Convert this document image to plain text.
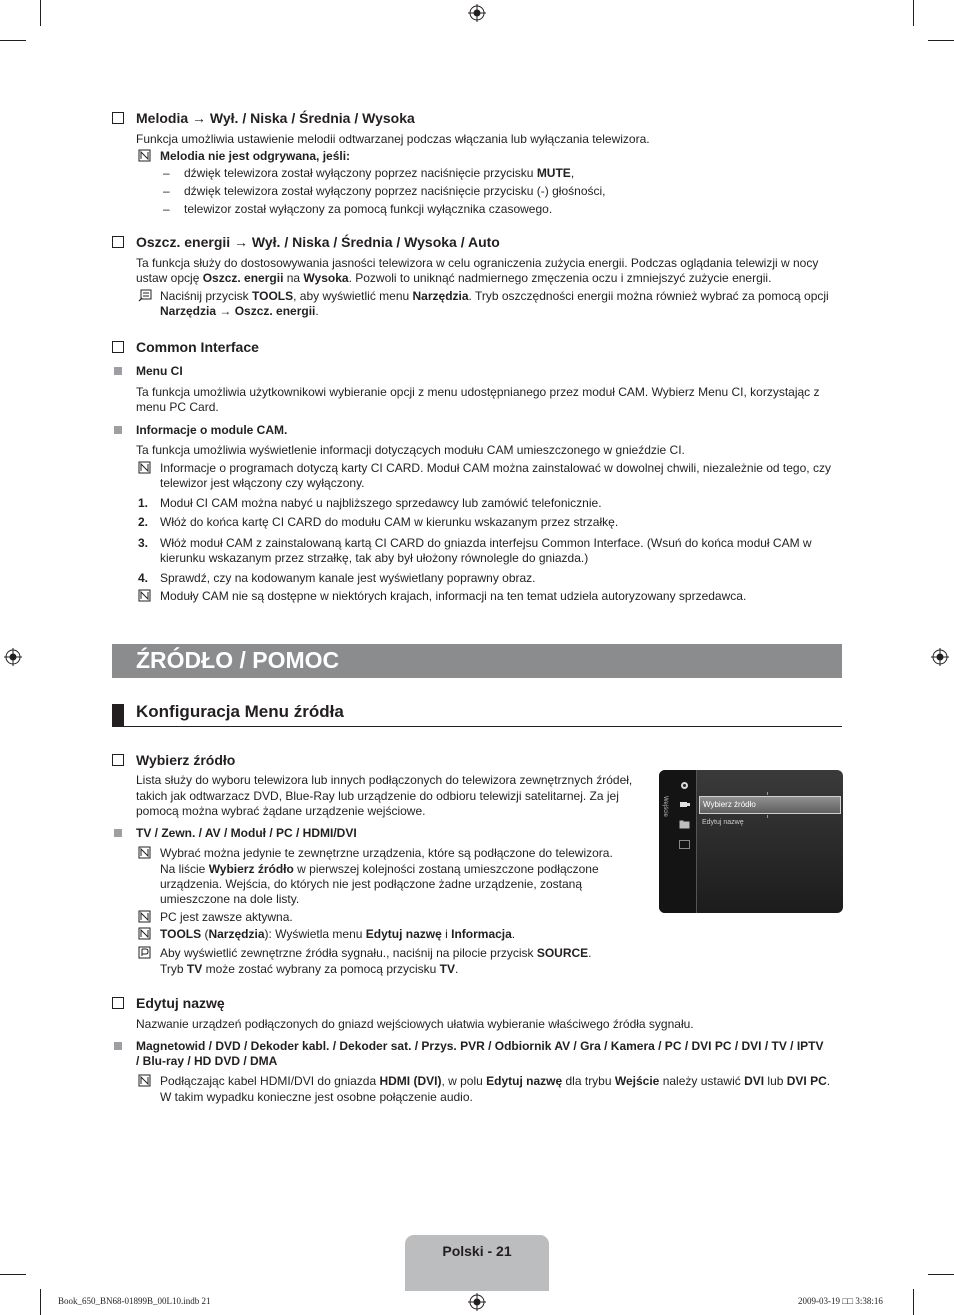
Melodia → Wył. / Niska / Średnia / Wysoka
Funkcja umożliwia ustawienie melodii odtwarzanej podczas włączania lub wyłączania telewizora.
Melodia nie jest odgrywana, jeśli:
– dźwięk telewizora został wyłączony poprzez naciśnięcie przycisku MUTE,
– dźwięk telewizora został wyłączony poprzez naciśnięcie przycisku (-) głośności,
– telewizor został wyłączony za pomocą funkcji wyłącznika czasowego.
Oszcz. energii → Wył. / Niska / Średnia / Wysoka / Auto
Ta funkcja służy do dostosowywania jasności telewizora w celu ograniczenia zużycia energii. Podczas oglądania telewizji w nocy
ustaw opcję Oszcz. energii na Wysoka. Pozwoli to uniknąć nadmiernego zmęczenia oczu i zmniejszyć zużycie energii.
Naciśnij przycisk TOOLS, aby wyświetlić menu Narzędzia. Tryb oszczędności energii można również wybrać za pomocą opcji
Narzędzia → Oszcz. energii.
Common Interface
Menu CI
Ta funkcja umożliwia użytkownikowi wybieranie opcji z menu udostępnianego przez moduł CAM. Wybierz Menu CI, korzystając z
menu PC Card.
Informacje o module CAM.
Ta funkcja umożliwia wyświetlenie informacji dotyczących modułu CAM umieszczonego w gnieździe CI.
Informacje o programach dotyczą karty CI CARD. Moduł CAM można zainstalować w dowolnej chwili, niezależnie od tego, czy
telewizor jest włączony czy wyłączony.
1. Moduł CI CAM można nabyć u najbliższego sprzedawcy lub zamówić telefonicznie.
2. Włóż do końca kartę CI CARD do modułu CAM w kierunku wskazanym przez strzałkę.
3. Włóż moduł CAM z zainstalowaną kartą CI CARD do gniazda interfejsu Common Interface. (Wsuń do końca moduł CAM w
kierunku wskazanym przez strzałkę, tak aby był ułożony równolegle do gniazda.)
4. Sprawdź, czy na kodowanym kanale jest wyświetlany poprawny obraz.
Moduły CAM nie są dostępne w niektórych krajach, informacji na ten temat udziela autoryzowany sprzedawca.
ŹRÓDŁO / POMOC
Konfiguracja Menu źródła
Wybierz źródło
Lista służy do wyboru telewizora lub innych podłączonych do telewizora zewnętrznych źródeł,
takich jak odtwarzacz DVD, Blue-Ray lub urządzenie do odbioru telewizji satelitarnej. Za jej
pomocą można wybrać żądane urządzenie wejściowe.
TV / Zewn. / AV / Moduł / PC / HDMI/DVI
Wybrać można jedynie te zewnętrzne urządzenia, które są podłączone do telewizora.
Na liście Wybierz źródło w pierwszej kolejności zostaną umieszczone podłączone
urządzenia. Wejścia, do których nie jest podłączone żadne urządzenie, zostaną
umieszczone na dole listy.
PC jest zawsze aktywna.
TOOLS (Narzędzia): Wyświetla menu Edytuj nazwę i Informacja.
Aby wyświetlić zewnętrzne źródła sygnału., naciśnij na pilocie przycisk SOURCE.
Tryb TV może zostać wybrany za pomocą przycisku TV.
Wejście	Wybierz źródło
Edytuj nazwę
Edytuj nazwę
Nazwanie urządzeń podłączonych do gniazd wejściowych ułatwia wybieranie właściwego źródła sygnału.
Magnetowid / DVD / Dekoder kabl. / Dekoder sat. / Przys. PVR / Odbiornik AV / Gra / Kamera / PC / DVI PC / DVI / TV / IPTV
/ Blu-ray / HD DVD / DMA
Podłączając kabel HDMI/DVI do gniazda HDMI (DVI), w polu Edytuj nazwę dla trybu Wejście należy ustawić DVI lub DVI PC.
W takim wypadku konieczne jest osobne połączenie audio.
Polski - 21
Book_650_BN68-01899B_00L10.indb 21	2009-03-19 □□ 3:38:16
